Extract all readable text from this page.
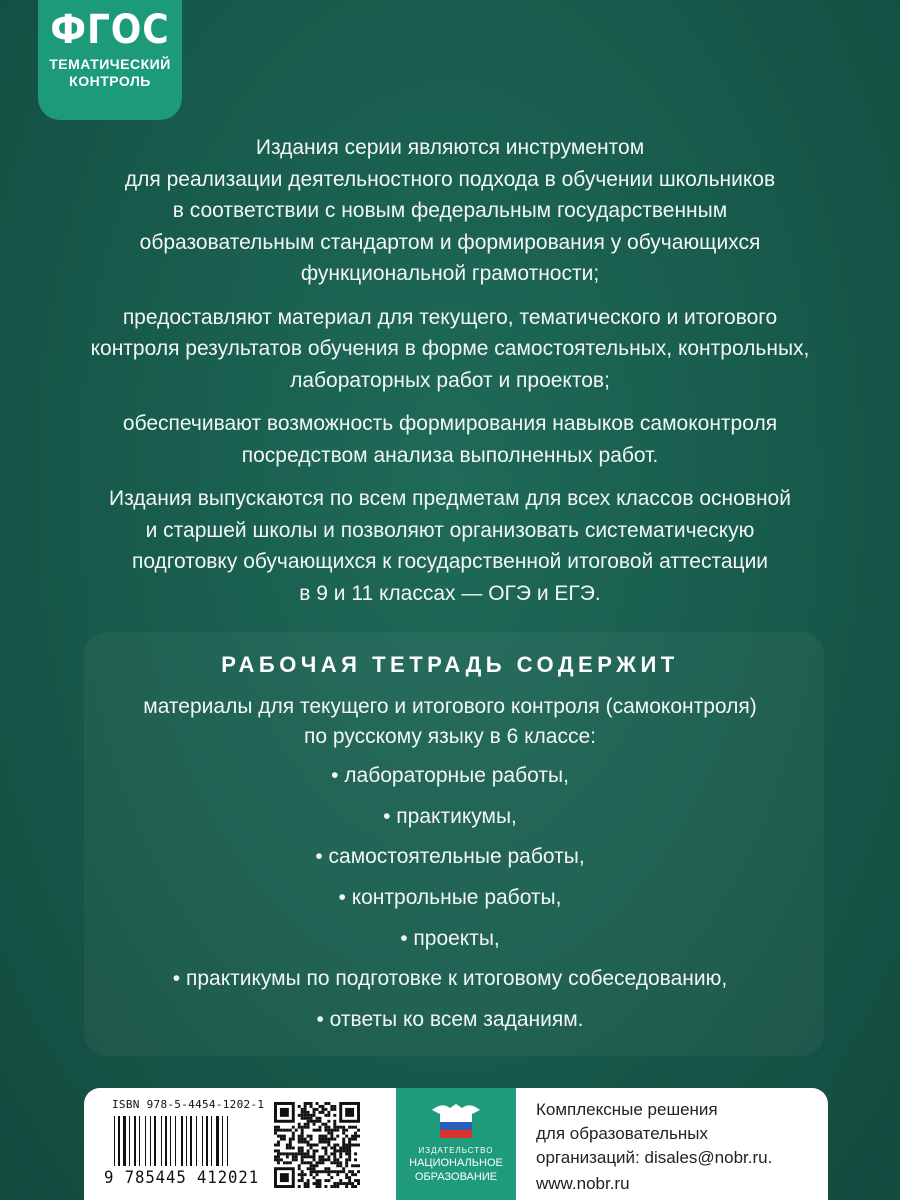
ФГОС
ТЕМАТИЧЕСКИЙ
КОНТРОЛЬ

Издания серии являются инструментом
для реализации деятельностного подхода в обучении школьников
в соответствии с новым федеральным государственным
образовательным стандартом и формирования у обучающихся
функциональной грамотности;

предоставляют материал для текущего, тематического и итогового
контроля результатов обучения в форме самостоятельных, контрольных,
лабораторных работ и проектов;

обеспечивают возможность формирования навыков самоконтроля
посредством анализа выполненных работ.

Издания выпускаются по всем предметам для всех классов основной
и старшей школы и позволяют организовать систематическую
подготовку обучающихся к государственной итоговой аттестации
в 9 и 11 классах — ОГЭ и ЕГЭ.

РАБОЧАЯ ТЕТРАДЬ СОДЕРЖИТ

материалы для текущего и итогового контроля (самоконтроля)

по русскому языку в 6 классе:

• лабораторные работы,
• практикумы,
• самостоятельные работы,
• контрольные работы,
• проекты,
• практикумы по подготовке к итоговому собеседованию,
• ответы ко всем заданиям.
ISBN 978-5-4454-1202-1
9 785445 412021
ИЗДАТЕЛЬСТВО
НАЦИОНАЛЬНОЕ
ОБРАЗОВАНИЕ
Комплексные решения
для образовательных
организаций: disales@nobr.ru.
www.nobr.ru
